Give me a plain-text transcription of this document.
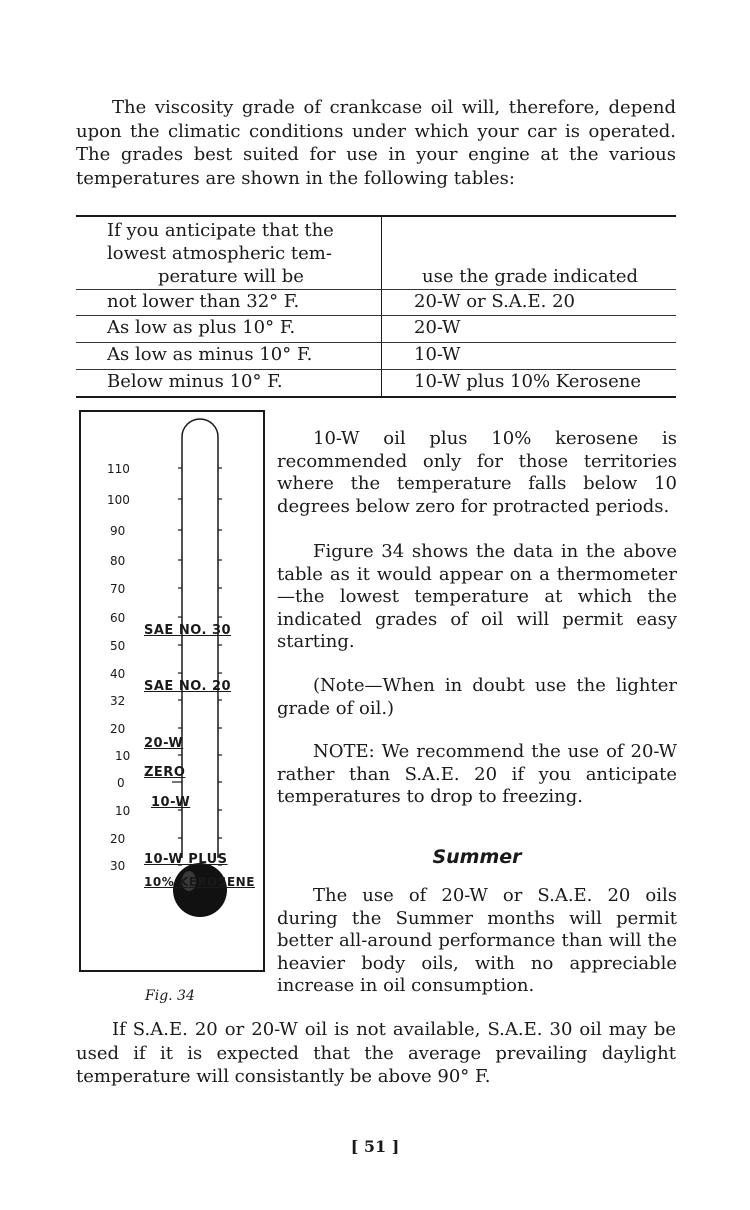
The viscosity grade of crankcase oil will, therefore, depend upon the climatic conditions under which your car is operated. The grades best suited for use in your engine at the various temperatures are shown in the following tables:

If you anticipate that the
lowest atmospheric tem-
perature will be	use the grade indicated
not lower than 32° F.	20-W or S.A.E. 20
As low as plus 10° F.	20-W
As low as minus 10° F.	10-W
Below minus 10° F.	10-W plus 10% Kerosene
110
100
90
80
70
60
50
40
32
20
10
0
10
20
30
SAE NO. 30
SAE NO. 20
20-W
ZERO
10-W
10-W PLUS
10% KEROSENE
Fig. 34

10-W oil plus 10% kerosene is recommended only for those territories where the temperature falls below 10 degrees below zero for protracted periods.

Figure 34 shows the data in the above table as it would appear on a thermometer—the lowest temperature at which the indicated grades of oil will permit easy starting.

(Note—When in doubt use the lighter grade of oil.)

NOTE: We recommend the use of 20-W rather than S.A.E. 20 if you anticipate temperatures to drop to freezing.

Summer

The use of 20-W or S.A.E. 20 oils during the Summer months will permit better all-around performance than will the heavier body oils, with no appreciable increase in oil consumption.

If S.A.E. 20 or 20-W oil is not available, S.A.E. 30 oil may be used if it is expected that the average prevailing daylight temperature will consistantly be above 90° F.

[ 51 ]
